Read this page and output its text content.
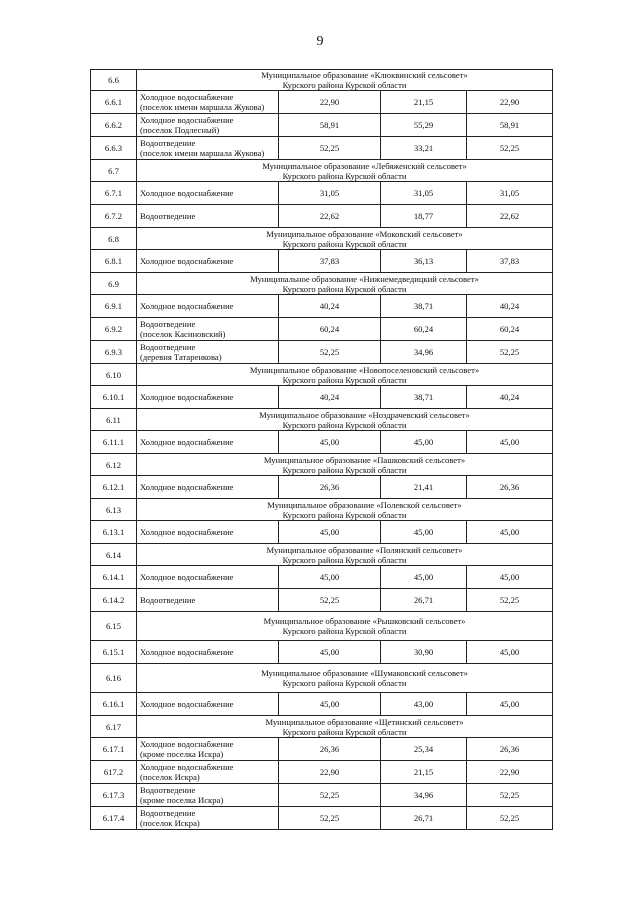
9
6.6	Муниципальное образование «Клюквинский сельсовет»
Курского района Курской области			

6.6.1	Холодное водоснабжение
(поселок имени маршала Жукова)	22,90	21,15	22,90
6.6.2	Холодное водоснабжение
(поселок Подлесный)	58,91	55,29	58,91
6.6.3	Водоотведение
(поселок имени маршала Жукова)	52,25	33,21	52,25
6.7	Муниципальное образование «Лебяженский сельсовет»
Курского района Курской области			

6.7.1	Холодное водоснабжение	31,05	31,05	31,05
6.7.2	Водоотведение	22,62	18,77	22,62
6.8	Муниципальное образование «Моковский сельсовет»
Курского района Курской области			

6.8.1	Холодное водоснабжение	37,83	36,13	37,83
6.9	Муниципальное образование «Нижнемедведицкий сельсовет»
Курского района Курской области			

6.9.1	Холодное водоснабжение	40,24	38,71	40,24
6.9.2	Водоотведение
(поселок Касиновский)	60,24	60,24	60,24
6.9.3	Водоотведение
(деревня Татаренкова)	52,25	34,96	52,25
6.10	Муниципальное образование «Новопоселеновский сельсовет»
Курского района Курской области			

6.10.1	Холодное водоснабжение	40,24	38,71	40,24
6.11	Муниципальное образование «Ноздрачевский сельсовет»
Курского района Курской области			

6.11.1	Холодное водоснабжение	45,00	45,00	45,00
6.12	Муниципальное образование «Пашковский сельсовет»
Курского района Курской области			

6.12.1	Холодное водоснабжение	26,36	21,41	26,36
6.13	Муниципальное образование «Полевской сельсовет»
Курского района Курской области			

6.13.1	Холодное водоснабжение	45,00	45,00	45,00
6.14	Муниципальное образование «Полянский сельсовет»
Курского района Курской области			

6.14.1	Холодное водоснабжение	45,00	45,00	45,00
6.14.2	Водоотведение	52,25	26,71	52,25
6.15	Муниципальное образование «Рышковский сельсовет»
Курского района Курской области			

6.15.1	Холодное водоснабжение	45,00	30,90	45,00
6.16	Муниципальное образование «Шумаковский сельсовет»
Курского района Курской области			

6.16.1	Холодное водоснабжение	45,00	43,00	45,00
6.17	Муниципальное образование «Щетинский сельсовет»
Курского района Курской области			

6.17.1	Холодное водоснабжение
(кроме поселка Искра)	26,36	25,34	26,36
617.2	Холодное водоснабжение
(поселок Искра)	22,90	21,15	22,90
6.17.3	Водоотведение
(кроме поселка Искра)	52,25	34,96	52,25
6.17.4	Водоотведение
(поселок Искра)	52,25	26,71	52,25
